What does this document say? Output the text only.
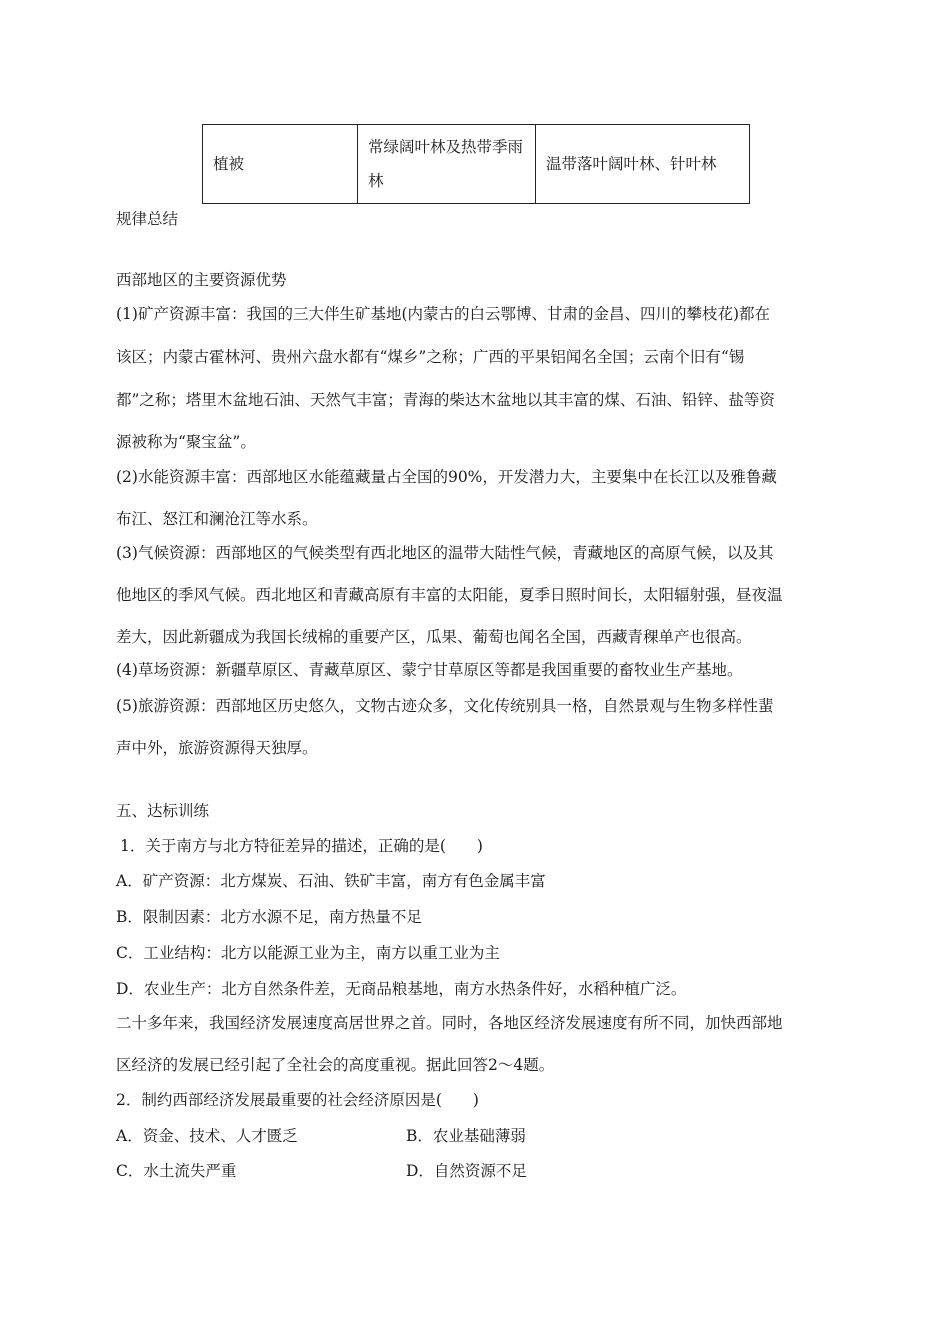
植被	常绿阔叶林及热带季雨林	温带落叶阔叶林、针叶林
规律总结
西部地区的主要资源优势
(1)矿产资源丰富：我国的三大伴生矿基地(内蒙古的白云鄂博、甘肃的金昌、四川的攀枝花)都在
该区；内蒙古霍林河、贵州六盘水都有“煤乡”之称；广西的平果铝闻名全国；云南个旧有“锡
都”之称；塔里木盆地石油、天然气丰富；青海的柴达木盆地以其丰富的煤、石油、铅锌、盐等资
源被称为“聚宝盆”。
(2)水能资源丰富：西部地区水能蕴藏量占全国的90%，开发潜力大，主要集中在长江以及雅鲁藏
布江、怒江和澜沧江等水系。
(3)气候资源：西部地区的气候类型有西北地区的温带大陆性气候，青藏地区的高原气候，以及其
他地区的季风气候。西北地区和青藏高原有丰富的太阳能，夏季日照时间长，太阳辐射强，昼夜温
差大，因此新疆成为我国长绒棉的重要产区，瓜果、葡萄也闻名全国，西藏青稞单产也很高。
(4)草场资源：新疆草原区、青藏草原区、蒙宁甘草原区等都是我国重要的畜牧业生产基地。
(5)旅游资源：西部地区历史悠久，文物古迹众多，文化传统别具一格，自然景观与生物多样性蜚
声中外，旅游资源得天独厚。
五、达标训练
1．关于南方与北方特征差异的描述，正确的是(　　)
A．矿产资源：北方煤炭、石油、铁矿丰富，南方有色金属丰富
B．限制因素：北方水源不足，南方热量不足
C．工业结构：北方以能源工业为主，南方以重工业为主
D．农业生产：北方自然条件差，无商品粮基地，南方水热条件好，水稻种植广泛。
二十多年来，我国经济发展速度高居世界之首。同时，各地区经济发展速度有所不同，加快西部地
区经济的发展已经引起了全社会的高度重视。据此回答2～4题。
2．制约西部经济发展最重要的社会经济原因是(　　)
A．资金、技术、人才匮乏	B．农业基础薄弱
C．水土流失严重	D．自然资源不足
